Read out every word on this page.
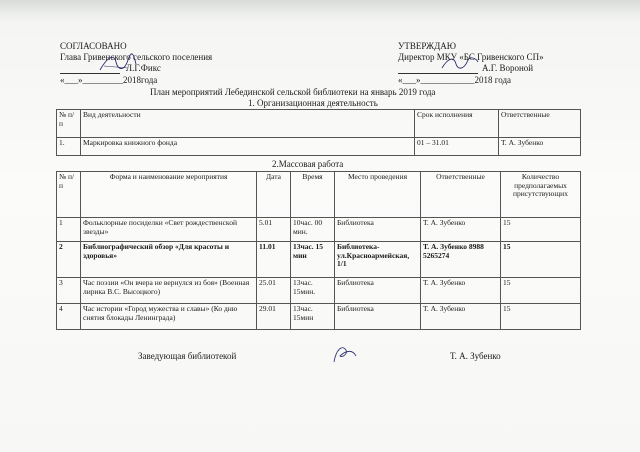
СОГЛАСОВАНО
Глава Гривенского сельского поселения
Л.Г.Фикс
«___»_________2018года
УТВЕРЖДАЮ
Директор МКУ «БС Гривенского СП»
А.Г. Вороной
«___»____________2018 года
План мероприятий Лебединской сельской библиотеки на январь 2019 года
1. Организационная деятельность
№ п/п	Вид деятельности	Срок исполнения	Ответственные
1.	Маркировка книжного фонда	01 – 31.01	Т. А. Зубенко
2.Массовая работа
№ п/п	Форма и наименование мероприятия	Дата	Время	Место проведения	Ответственные	Количество предполагаемых присутствующих
1	Фольклорные посиделки «Свет рождественской звезды»	5.01	10час. 00 мин.	Библиотека	Т. А. Зубенко	15
2	Библиографический обзор «Для красоты и здоровья»	11.01	13час. 15 мин	Библиотека-ул.Красноармейская, 1/1	Т. А. Зубенко 8988 5265274	15
3	Час поэзии «Он вчера не вернулся из боя» (Военная лирика В.С. Высоцкого)	25.01	13час. 15мин.	Библиотека	Т. А. Зубенко	15
4	Час истории «Город мужества и славы» (Ко дню снятия блокады Ленинграда)	29.01	13час. 15мин	Библиотека	Т. А. Зубенко	15
Заведующая библиотекой	Т. А. Зубенко
